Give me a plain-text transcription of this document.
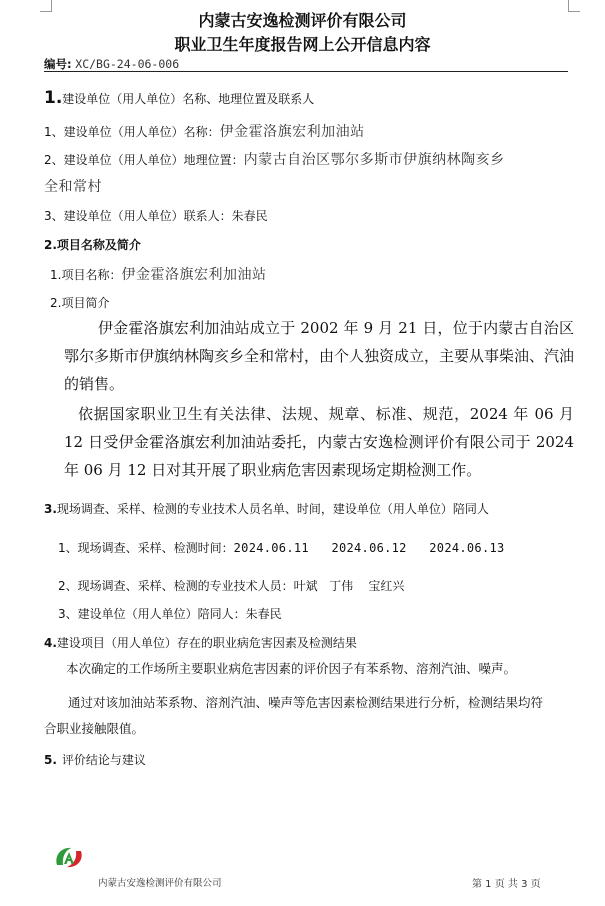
内蒙古安逸检测评价有限公司
职业卫生年度报告网上公开信息内容
编号: XC/BG-24-06-006
1.建设单位（用人单位）名称、地理位置及联系人
1、建设单位（用人单位）名称：伊金霍洛旗宏利加油站
2、建设单位（用人单位）地理位置：内蒙古自治区鄂尔多斯市伊旗纳林陶亥乡
全和常村
3、建设单位（用人单位）联系人：朱春民
2.项目名称及简介
1.项目名称：伊金霍洛旗宏利加油站
2.项目简介
伊金霍洛旗宏利加油站成立于 2002 年 9 月 21 日，位于内蒙古自治区鄂尔多斯市伊旗纳林陶亥乡全和常村，由个人独资成立，主要从事柴油、汽油的销售。
依据国家职业卫生有关法律、法规、规章、标准、规范，2024 年 06 月 12 日受伊金霍洛旗宏利加油站委托，内蒙古安逸检测评价有限公司于 2024 年 06 月 12 日对其开展了职业病危害因素现场定期检测工作。
3.现场调查、采样、检测的专业技术人员名单、时间，建设单位（用人单位）陪同人
1、现场调查、采样、检测时间：2024.06.11   2024.06.12   2024.06.13
2、现场调查、采样、检测的专业技术人员：叶斌   丁伟    宝红兴
3、建设单位（用人单位）陪同人：朱春民
4.建设项目（用人单位）存在的职业病危害因素及检测结果
本次确定的工作场所主要职业病危害因素的评价因子有苯系物、溶剂汽油、噪声。
通过对该加油站苯系物、溶剂汽油、噪声等危害因素检测结果进行分析，检测结果均符合职业接触限值。
5. 评价结论与建议
内蒙古安逸检测评价有限公司	第 1 页 共 3 页
